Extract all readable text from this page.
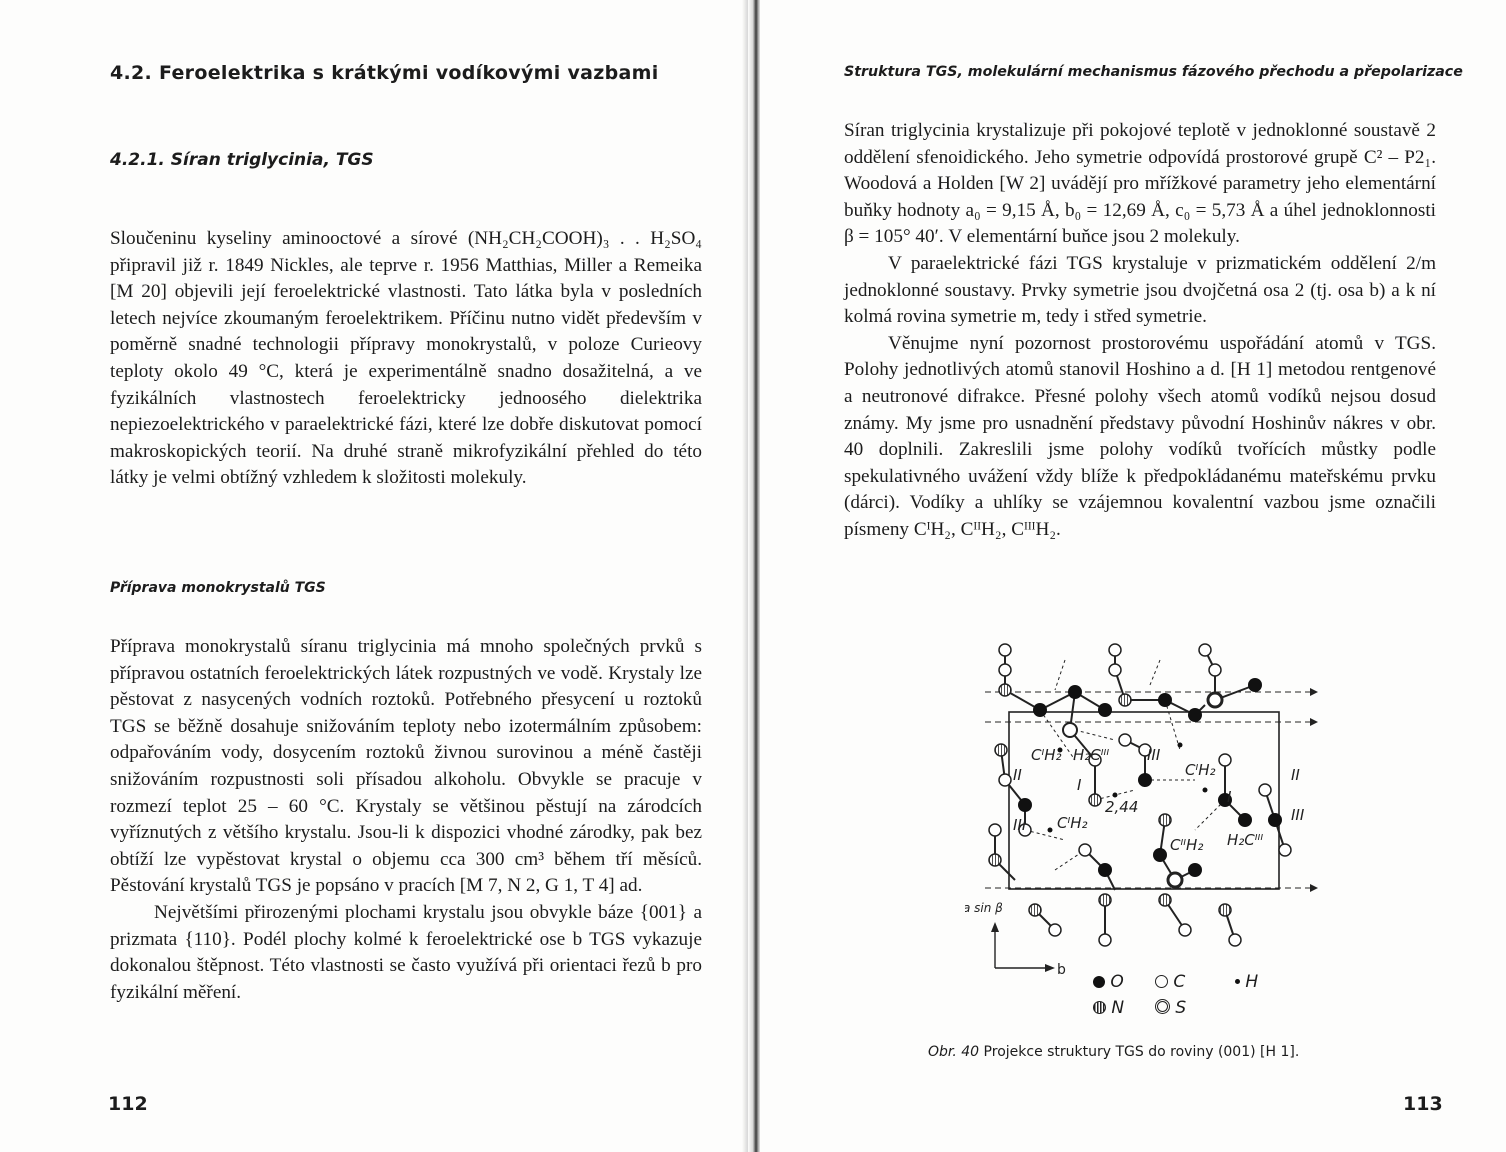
4.2. Feroelektrika s krátkými vodíkovými vazbami
4.2.1. Síran triglycinia, TGS

Sloučeninu kyseliny aminooctové a sírové (NH₂CH₂COOH)₃ . . H₂SO₄ připravil již r. 1849 Nickles, ale teprve r. 1956 Matthias, Miller a Remeika [M 20] objevili její feroelektrické vlastnosti. Tato látka byla v posledních letech nejvíce zkoumaným feroelektrikem. Příčinu nutno vidět především v poměrně snadné technologii přípravy monokrystalů, v poloze Curieovy teploty okolo 49 °C, která je experimentálně snadno dosažitelná, a ve fyzikálních vlastnostech feroelektricky jednoosého dielektrika nepiezoelektrického v paraelektrické fázi, které lze dobře diskutovat pomocí makroskopických teorií. Na druhé straně mikrofyzikální přehled do této látky je velmi obtížný vzhledem k složitosti molekuly.

Příprava monokrystalů TGS

Příprava monokrystalů síranu triglycinia má mnoho společných prvků s přípravou ostatních feroelektrických látek rozpustných ve vodě. Krystaly lze pěstovat z nasycených vodních roztoků. Potřebného přesycení u roztoků TGS se běžně dosahuje snižováním teploty nebo izotermálním způsobem: odpařováním vody, dosycením roztoků živnou surovinou a méně častěji snižováním rozpustnosti soli přísadou alkoholu. Obvykle se pracuje v rozmezí teplot 25 – 60 °C. Krystaly se většinou pěstují na zárodcích vyříznutých z většího krystalu. Jsou-li k dispozici vhodné zárodky, pak bez obtíží lze vypěstovat krystal o objemu cca 300 cm³ během tří měsíců. Pěstování krystalů TGS je popsáno v pracích [M 7, N 2, G 1, T 4] ad.

Největšími přirozenými plochami krystalu jsou obvykle báze {001} a prizmata {110}. Podél plochy kolmé k feroelektrické ose b TGS vykazuje dokonalou štěpnost. Této vlastnosti se často využívá při orientaci řezů b pro fyzikální měření.

112
Struktura TGS, molekulární mechanismus fázového přechodu a přepolarizace

Síran triglycinia krystalizuje při pokojové teplotě v jednoklonné soustavě 2 oddělení sfenoidického. Jeho symetrie odpovídá prostorové grupě C² – P2₁. Woodová a Holden [W 2] uvádějí pro mřížkové parametry jeho elementární buňky hodnoty a₀ = 9,15 Å, b₀ = 12,69 Å, c₀ = 5,73 Å a úhel jednoklonnosti β = 105° 40′. V elementární buňce jsou 2 molekuly.

V paraelektrické fázi TGS krystaluje v prizmatickém oddělení 2/m jednoklonné soustavy. Prvky symetrie jsou dvojčetná osa 2 (tj. osa b) a k ní kolmá rovina symetrie m, tedy i střed symetrie.

Věnujme nyní pozornost prostorovému uspořádání atomů v TGS. Polohy jednotlivých atomů stanovil Hoshino a d. [H 1] metodou rentgenové a neutronové difrakce. Přesné polohy všech atomů vodíků nejsou dosud známy. My jsme pro usnadnění představy původní Hoshinův nákres v obr. 40 doplnili. Zakreslili jsme polohy vodíků tvořících můstky podle spekulativného uvážení vždy blíže k předpokládanému mateřskému prvku (dárci). Vodíky a uhlíky se vzájemnou kovalentní vazbou jsme označili písmeny CᴵH₂, CᴵᴵH₂, CᴵᴵᴵH₂.

CᴵH₂ H₂Cᴵᴵᴵ
CᴵH₂
CᴵH₂
CᴵᴵH₂ H₂Cᴵᴵᴵ
I
I
II	II
III
III
III
2,44
a sin β
b
O	C	H
N	S
Obr. 40 Projekce struktury TGS do roviny (001) [H 1].
113
